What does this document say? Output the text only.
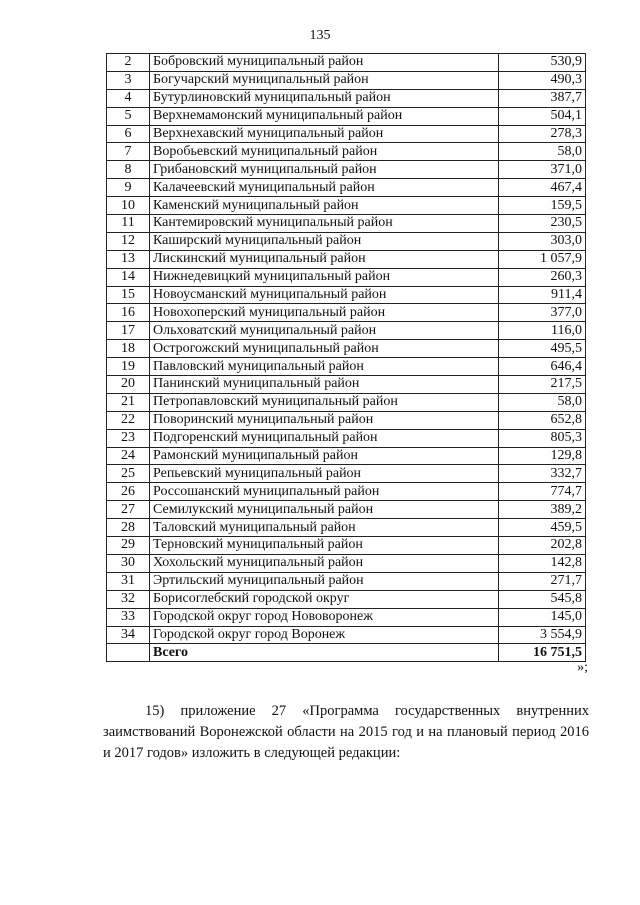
135
2	Бобровский муниципальный район	530,9
3	Богучарский муниципальный район	490,3
4	Бутурлиновский муниципальный район	387,7
5	Верхнемамонский муниципальный район	504,1
6	Верхнехавский муниципальный район	278,3
7	Воробьевский муниципальный район	58,0
8	Грибановский муниципальный район	371,0
9	Калачеевский муниципальный район	467,4
10	Каменский муниципальный район	159,5
11	Кантемировский муниципальный район	230,5
12	Каширский муниципальный район	303,0
13	Лискинский муниципальный район	1 057,9
14	Нижнедевицкий муниципальный район	260,3
15	Новоусманский муниципальный район	911,4
16	Новохоперский муниципальный район	377,0
17	Ольховатский муниципальный район	116,0
18	Острогожский муниципальный район	495,5
19	Павловский муниципальный район	646,4
20	Панинский муниципальный район	217,5
21	Петропавловский муниципальный район	58,0
22	Поворинский муниципальный район	652,8
23	Подгоренский муниципальный район	805,3
24	Рамонский муниципальный район	129,8
25	Репьевский муниципальный район	332,7
26	Россошанский муниципальный район	774,7
27	Семилукский муниципальный район	389,2
28	Таловский муниципальный район	459,5
29	Терновский муниципальный район	202,8
30	Хохольский муниципальный район	142,8
31	Эртильский муниципальный район	271,7
32	Борисоглебский городской округ	545,8
33	Городской округ город Нововоронеж	145,0
34	Городской округ город Воронеж	3 554,9
	Всего	16 751,5
»;

15) приложение 27 «Программа государственных внутренних заимствований Воронежской области на 2015 год и на плановый период 2016 и 2017 годов» изложить в следующей редакции:
